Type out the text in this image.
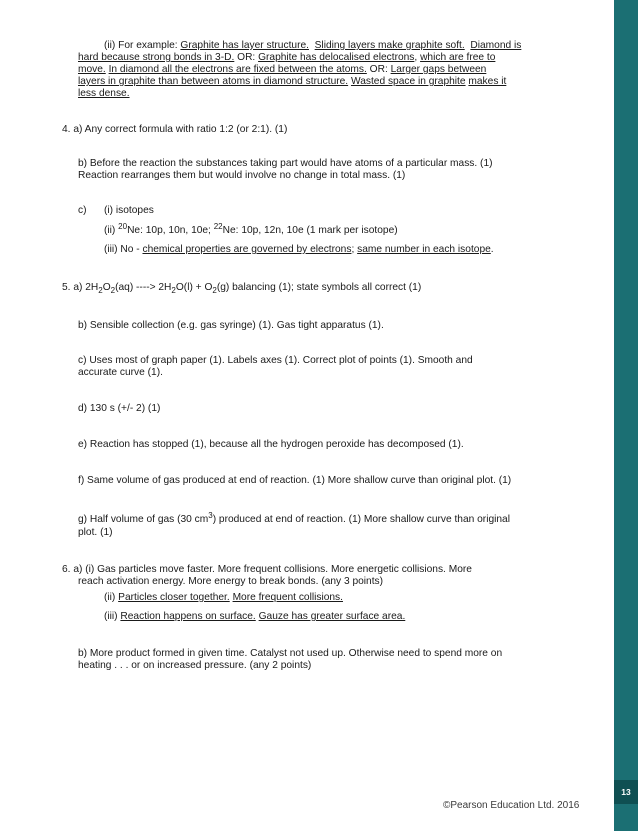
(ii) For example: Graphite has layer structure. Sliding layers make graphite soft. Diamond is
hard because strong bonds in 3-D. OR: Graphite has delocalised electrons, which are free to
move. In diamond all the electrons are fixed between the atoms. OR: Larger gaps between
layers in graphite than between atoms in diamond structure. Wasted space in graphite makes it
less dense.
4. a) Any correct formula with ratio 1:2 (or 2:1). (1)
b) Before the reaction the substances taking part would have atoms of a particular mass. (1)
Reaction rearranges them but would involve no change in total mass. (1)
c) (i) isotopes
(ii) $^{20}$Ne: 10p, 10n, 10e; $^{22}$Ne: 10p, 12n, 10e (1 mark per isotope)
(iii) No - chemical properties are governed by electrons; same number in each isotope.
5. a) $2H_2O_2(aq)$ ----> $2H_2O(l) + O_2(g)$ balancing (1); state symbols all correct (1)
b) Sensible collection (e.g. gas syringe) (1). Gas tight apparatus (1).
c) Uses most of graph paper (1). Labels axes (1). Correct plot of points (1). Smooth and
accurate curve (1).
d) 130 s (+/- 2) (1)
e) Reaction has stopped (1), because all the hydrogen peroxide has decomposed (1).
f) Same volume of gas produced at end of reaction. (1) More shallow curve than original plot. (1)
g) Half volume of gas (30 $cm^3$) produced at end of reaction. (1) More shallow curve than original
plot. (1)
6. a) (i) Gas particles move faster. More frequent collisions. More energetic collisions. More
reach activation energy. More energy to break bonds. (any 3 points)
(ii) Particles closer together. More frequent collisions.
(iii) Reaction happens on surface. Gauze has greater surface area.
b) More product formed in given time. Catalyst not used up. Otherwise need to spend more on
heating . . . or on increased pressure. (any 2 points)
©Pearson Education Ltd. 2016
Chemistry
13
